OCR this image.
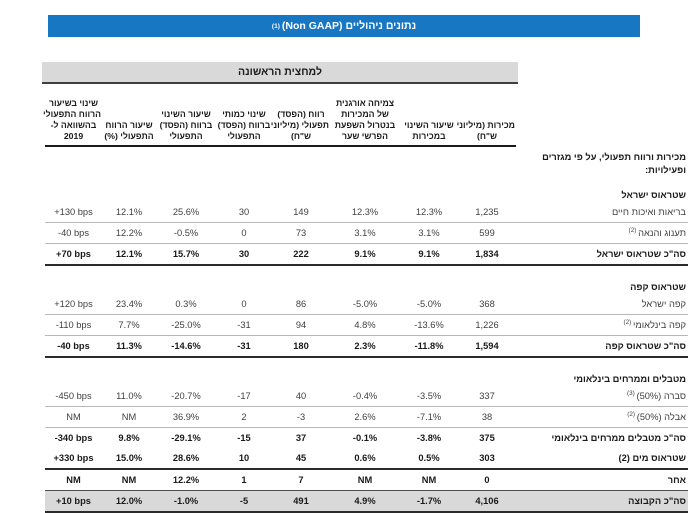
נתונים ניהוליים (Non GAAP)
(1)
למחצית הראשונה

מכירות (מיליוני
ש"ח)

שיעור השינוי
במכירות

צמיחה אורגנית
של המכירות
בנטרול השפעת
הפרשי שער

רווח (הפסד)
תפעולי (מיליוני
ש"ח)

שינוי כמותי
ברווח (הפסד)
התפעולי

שיעור השינוי
ברווח (הפסד)
התפעולי

שיעור הרווח
התפעולי (%)

שינוי בשיעור
הרווח התפעולי
בהשוואה ל-
2019

מכירות ורווח תפעולי, על פי מגזרים
ופעילויות:								
שטראוס ישראל								
בריאות ואיכות חיים	1,235	12.3%	12.3%	149	30	25.6%	12.1%	+130 bps
תענוג והנאה $^{(2)}$	599	3.1%	3.1%	73	0	-0.5%	12.2%	-40 bps
סה"כ שטראוס ישראל	1,834	9.1%	9.1%	222	30	15.7%	12.1%	+70 bps

שטראוס קפה								
קפה ישראל	368	-5.0%	-5.0%	86	0	0.3%	23.4%	+120 bps
קפה בינלאומי $^{(2)}$	1,226	-13.6%	4.8%	94	-31	-25.0%	7.7%	-110 bps
סה"כ שטראוס קפה	1,594	-11.8%	2.3%	180	-31	-14.6%	11.3%	-40 bps

מטבלים וממרחים בינלאומי								
סברה (50%) $^{(3)}$	337	-3.5%	-0.4%	40	-17	-20.7%	11.0%	-450 bps
אבלה (50%) $^{(2)}$	38	-7.1%	2.6%	-3	2	36.9%	NM	NM
סה"כ מטבלים ממרחים בינלאומי	375	-3.8%	-0.1%	37	-15	-29.1%	9.8%	-340 bps
שטראוס מים (2)	303	0.5%	0.6%	45	10	28.6%	15.0%	+330 bps
אחר	0	NM	NM	7	1	12.2%	NM	NM
סה"כ הקבוצה	4,106	-1.7%	4.9%	491	-5	-1.0%	12.0%	+10 bps
